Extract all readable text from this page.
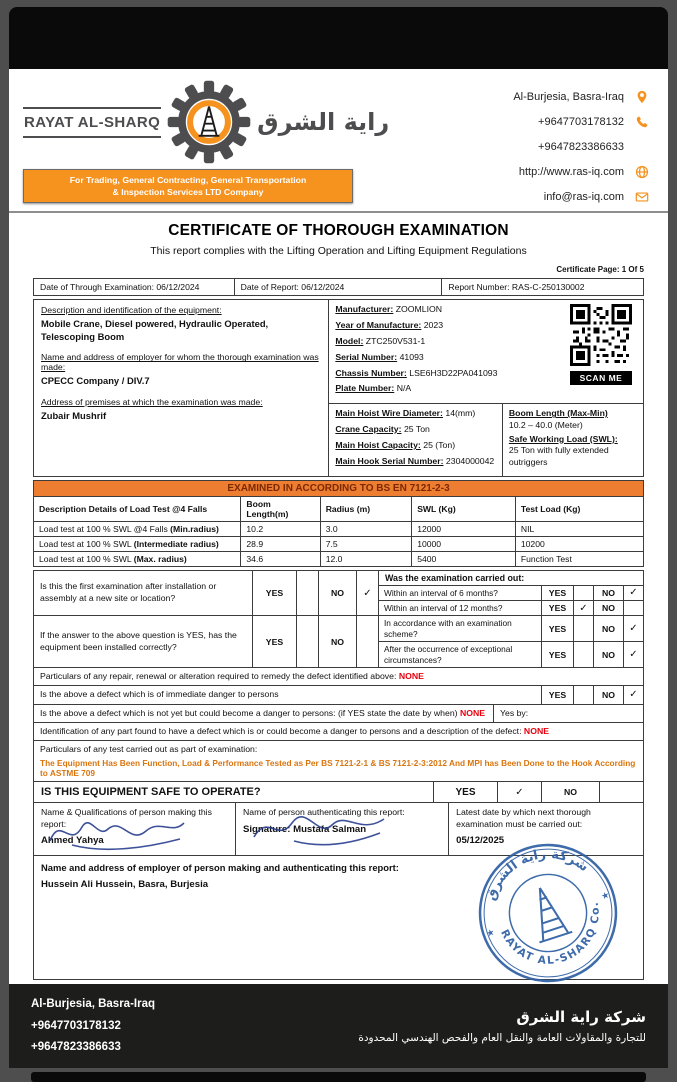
RAYAT AL-SHARQ	راية الشرق
For Trading, General Contracting, General Transportation
& Inspection Services LTD Company
Al-Burjesia, Basra-Iraq
+9647703178132
+9647823386633
http://www.ras-iq.com
info@ras-iq.com
CERTIFICATE OF THOROUGH EXAMINATION
This report complies with the Lifting Operation and Lifting Equipment Regulations
Certificate Page: 1 Of 5
Date of Through Examination: 06/12/2024	Date of Report: 06/12/2024	Report Number: RAS-C-250130002
Description and identification of the equipment:
Mobile Crane, Diesel powered, Hydraulic Operated, Telescoping Boom
Name and address of employer for whom the thorough examination was made:
CPECC Company / DIV.7
Address of premises at which the examination was made:
Zubair Mushrif
Manufacturer: ZOOMLION
Year of Manufacture: 2023
Model: ZTC250V531-1
Serial Number: 41093
Chassis Number: LSE6H3D22PA041093
Plate Number: N/A
SCAN ME
Main Hoist Wire Diameter: 14(mm)
Crane Capacity: 25 Ton
Main Hoist Capacity: 25 (Ton)
Main Hook Serial Number: 2304000042
Boom Length (Max-Min)
10.2 – 40.0 (Meter)
Safe Working Load (SWL):
25 Ton with fully extended outriggers
EXAMINED IN ACCORDING TO BS EN 7121-2-3
Description Details of Load Test @4 Falls	Boom Length(m)	Radius (m)	SWL (Kg)	Test Load (Kg)
Load test at 100 % SWL @4 Falls (Min.radius)	10.2	3.0	12000	NIL
Load test at 100 % SWL (Intermediate radius)	28.9	7.5	10000	10200
Load test at 100 % SWL (Max. radius)	34.6	12.0	5400	Function Test
Is this the first examination after installation or assembly at a new site or location?	YES	NO	✓
Was the examination carried out:
Within an interval of 6 months?	YES	NO	✓
Within an interval of 12 months?	YES	✓	NO
If the answer to the above question is YES, has the equipment been installed correctly?	YES	NO
In accordance with an examination scheme?	YES	NO	✓
After the occurrence of exceptional circumstances?	YES	NO	✓
Particulars of any repair, renewal or alteration required to remedy the defect identified above: NONE
Is the above a defect which is of immediate danger to persons	YES	NO	✓
Is the above a defect which is not yet but could become a danger to persons: (if YES state the date by when) NONE	Yes by:
Identification of any part found to have a defect which is or could become a danger to persons and a description of the defect: NONE
Particulars of any test carried out as part of examination:
The Equipment Has Been Function, Load & Performance Tested as Per BS 7121-2-1 & BS 7121-2-3:2012 And MPI has Been Done to the Hook According to ASTME 709
IS THIS EQUIPMENT SAFE TO OPERATE?	YES	✓	NO
Name & Qualifications of person making this report:
Ahmed Yahya
Name of person authenticating this report:
Signature: Mustafa Salman
Latest date by which next thorough examination must be carried out:
05/12/2025
Name and address of employer of person making and authenticating this report:
Hussein Ali Hussein, Basra, Burjesia
شركة راية الشرق
RAYAT AL-SHARQ Co.
★
★
Al-Burjesia, Basra-Iraq
+9647703178132
+9647823386633
شركة راية الشرق
للتجارة والمقاولات العامة والنقل العام والفحص الهندسي المحدودة
